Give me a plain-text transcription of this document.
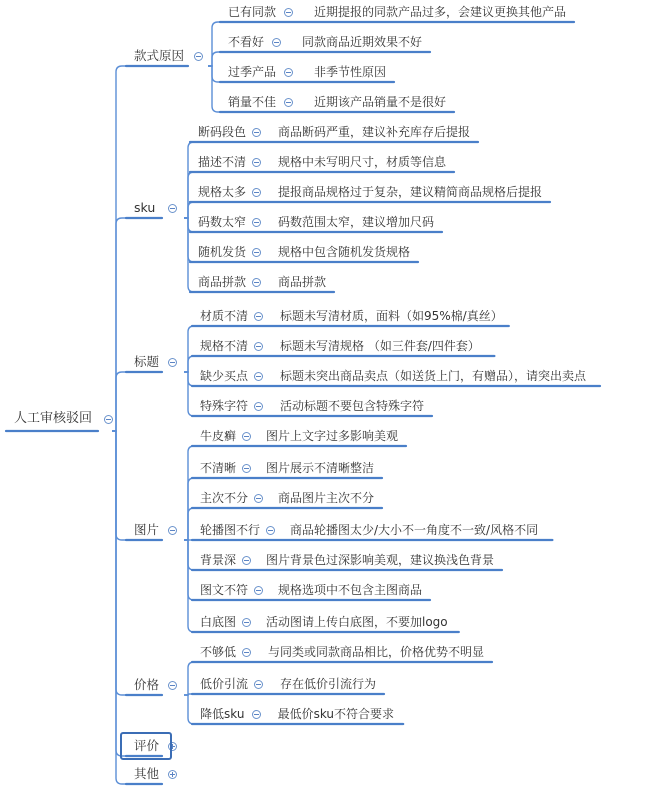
人工审核驳回
款式原因
已有同款	近期提报的同款产品过多，会建议更换其他产品
不看好	同款商品近期效果不好
过季产品	非季节性原因
销量不佳	近期该产品销量不是很好
sku
断码段色	商品断码严重，建议补充库存后提报
描述不清	规格中未写明尺寸，材质等信息
规格太多	提报商品规格过于复杂，建议精简商品规格后提报
码数太窄	码数范围太窄，建议增加尺码
随机发货	规格中包含随机发货规格
商品拼款	商品拼款
标题
材质不清	标题未写清材质，面料（如95%棉/真丝）
规格不清	标题未写清规格 （如三件套/四件套）
缺少买点	标题未突出商品卖点（如送货上门，有赠品），请突出卖点
特殊字符	活动标题不要包含特殊字符
图片
牛皮癣 图片上文字过多影响美观
不清晰 图片展示不清晰整洁
主次不分 商品图片主次不分
轮播图不行 商品轮播图太少/大小不一角度不一致/风格不同
背景深 图片背景色过深影响美观，建议换浅色背景
图文不符 规格选项中不包含主图商品
白底图 活动图请上传白底图，不要加logo
价格
不够低	与同类或同款商品相比，价格优势不明显
低价引流	存在低价引流行为
降低sku	最低价sku不符合要求
评价
其他
